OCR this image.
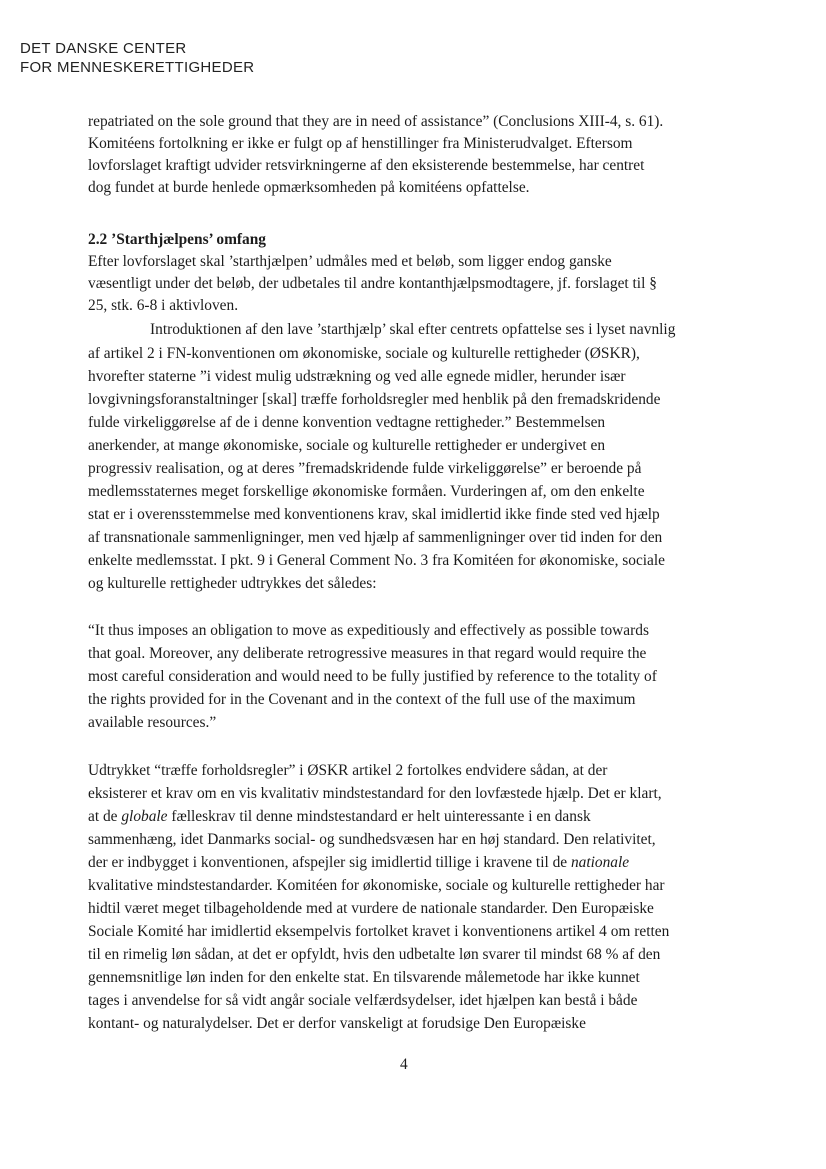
DET DANSKE CENTER
FOR MENNESKERETTIGHEDER
repatriated on the sole ground that they are in need of assistance” (Conclusions XIII-4, s. 61).
Komitéens fortolkning er ikke er fulgt op af henstillinger fra Ministerudvalget. Eftersom
lovforslaget kraftigt udvider retsvirkningerne af den eksisterende bestemmelse, har centret
dog fundet at burde henlede opmærksomheden på komitéens opfattelse.
2.2 ’Starthjælpens’ omfang
Efter lovforslaget skal ’starthjælpen’ udmåles med et beløb, som ligger endog ganske
væsentligt under det beløb, der udbetales til andre kontanthjælpsmodtagere, jf. forslaget til §
25, stk. 6-8 i aktivloven.
Introduktionen af den lave ’starthjælp’ skal efter centrets opfattelse ses i lyset navnlig
af artikel 2 i FN-konventionen om økonomiske, sociale og kulturelle rettigheder (ØSKR),
hvorefter staterne ”i videst mulig udstrækning og ved alle egnede midler, herunder især
lovgivningsforanstaltninger [skal] træffe forholdsregler med henblik på den fremadskridende
fulde virkeliggørelse af de i denne konvention vedtagne rettigheder.” Bestemmelsen
anerkender, at mange økonomiske, sociale og kulturelle rettigheder er undergivet en
progressiv realisation, og at deres ”fremadskridende fulde virkeliggørelse” er beroende på
medlemsstaternes meget forskellige økonomiske formåen. Vurderingen af, om den enkelte
stat er i overensstemmelse med konventionens krav, skal imidlertid ikke finde sted ved hjælp
af transnationale sammenligninger, men ved hjælp af sammenligninger over tid inden for den
enkelte medlemsstat. I pkt. 9 i General Comment No. 3 fra Komitéen for økonomiske, sociale
og kulturelle rettigheder udtrykkes det således:
“It thus imposes an obligation to move as expeditiously and effectively as possible towards
that goal. Moreover, any deliberate retrogressive measures in that regard would require the
most careful consideration and would need to be fully justified by reference to the totality of
the rights provided for in the Covenant and in the context of the full use of the maximum
available resources.”
Udtrykket “træffe forholdsregler” i ØSKR artikel 2 fortolkes endvidere sådan, at der
eksisterer et krav om en vis kvalitativ mindstestandard for den lovfæstede hjælp. Det er klart,
at de globale fælleskrav til denne mindstestandard er helt uinteressante i en dansk
sammenhæng, idet Danmarks social- og sundhedsvæsen har en høj standard. Den relativitet,
der er indbygget i konventionen, afspejler sig imidlertid tillige i kravene til de nationale
kvalitative mindstestandarder. Komitéen for økonomiske, sociale og kulturelle rettigheder har
hidtil været meget tilbageholdende med at vurdere de nationale standarder. Den Europæiske
Sociale Komité har imidlertid eksempelvis fortolket kravet i konventionens artikel 4 om retten
til en rimelig løn sådan, at det er opfyldt, hvis den udbetalte løn svarer til mindst 68 % af den
gennemsnitlige løn inden for den enkelte stat. En tilsvarende målemetode har ikke kunnet
tages i anvendelse for så vidt angår sociale velfærdsydelser, idet hjælpen kan bestå i både
kontant- og naturalydelser. Det er derfor vanskeligt at forudsige Den Europæiske
4
